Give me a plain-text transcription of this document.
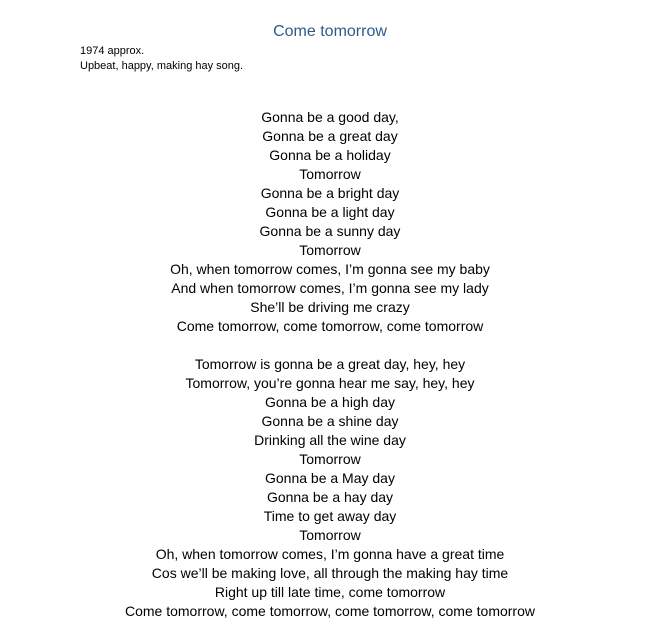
Come tomorrow
1974 approx.
Upbeat, happy, making hay song.
Gonna be a good day,
Gonna be a great day
Gonna be a holiday
Tomorrow
Gonna be a bright day
Gonna be a light day
Gonna be a sunny day
Tomorrow
Oh, when tomorrow comes, I’m gonna see my baby
And when tomorrow comes, I’m gonna see my lady
She’ll be driving me crazy
Come tomorrow, come tomorrow, come tomorrow
Tomorrow is gonna be a great day, hey, hey
Tomorrow, you’re gonna hear me say, hey, hey
Gonna be a high day
Gonna be a shine day
Drinking all the wine day
Tomorrow
Gonna be a May day
Gonna be a hay day
Time to get away day
Tomorrow
Oh, when tomorrow comes, I’m gonna have a great time
Cos we’ll be making love, all through the making hay time
Right up till late time, come tomorrow
Come tomorrow, come tomorrow, come tomorrow, come tomorrow
